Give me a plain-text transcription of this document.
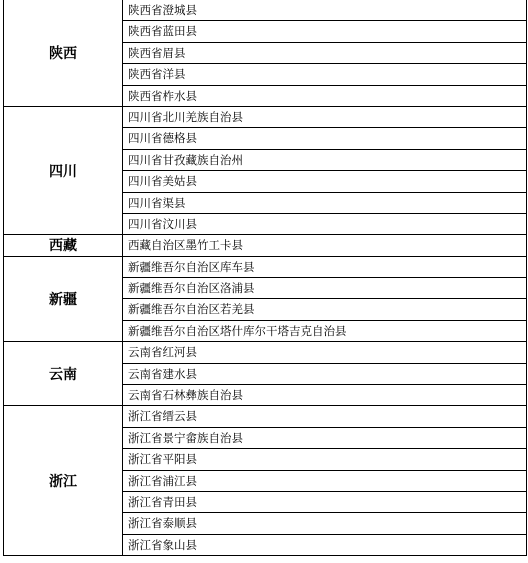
陕西
陕西省澄城县
陕西省蓝田县
陕西省眉县
陕西省洋县
陕西省柞水县
四川
四川省北川羌族自治县
四川省德格县
四川省甘孜藏族自治州
四川省美姑县
四川省渠县
四川省汶川县
西藏	西藏自治区墨竹工卡县
新疆
新疆维吾尔自治区库车县
新疆维吾尔自治区洛浦县
新疆维吾尔自治区若羌县
新疆维吾尔自治区塔什库尔干塔吉克自治县
云南
云南省红河县
云南省建水县
云南省石林彝族自治县
浙江
浙江省缙云县
浙江省景宁畲族自治县
浙江省平阳县
浙江省浦江县
浙江省青田县
浙江省泰顺县
浙江省象山县
